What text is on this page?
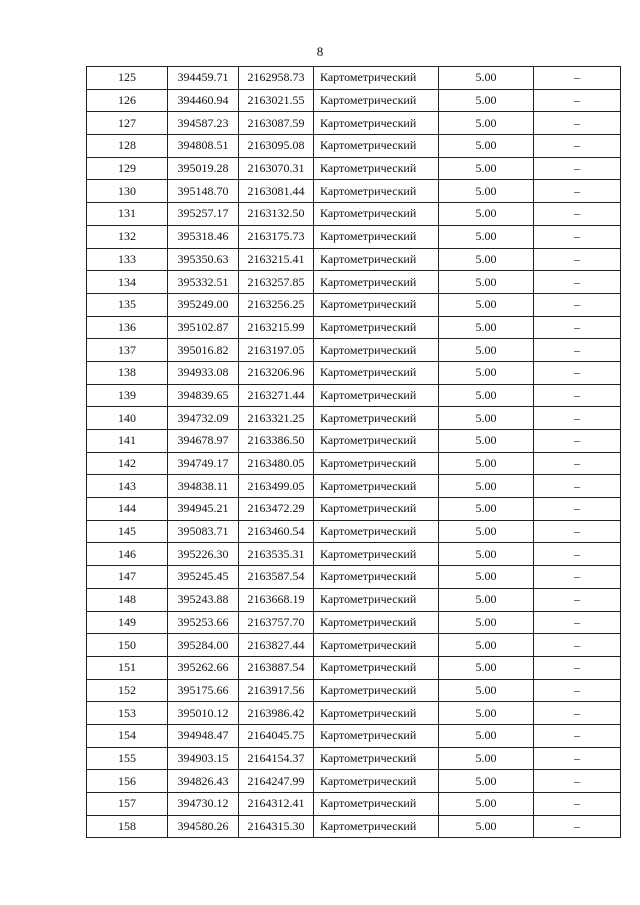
8
125	394459.71	2162958.73	Картометрический	5.00	–
126	394460.94	2163021.55	Картометрический	5.00	–
127	394587.23	2163087.59	Картометрический	5.00	–
128	394808.51	2163095.08	Картометрический	5.00	–
129	395019.28	2163070.31	Картометрический	5.00	–
130	395148.70	2163081.44	Картометрический	5.00	–
131	395257.17	2163132.50	Картометрический	5.00	–
132	395318.46	2163175.73	Картометрический	5.00	–
133	395350.63	2163215.41	Картометрический	5.00	–
134	395332.51	2163257.85	Картометрический	5.00	–
135	395249.00	2163256.25	Картометрический	5.00	–
136	395102.87	2163215.99	Картометрический	5.00	–
137	395016.82	2163197.05	Картометрический	5.00	–
138	394933.08	2163206.96	Картометрический	5.00	–
139	394839.65	2163271.44	Картометрический	5.00	–
140	394732.09	2163321.25	Картометрический	5.00	–
141	394678.97	2163386.50	Картометрический	5.00	–
142	394749.17	2163480.05	Картометрический	5.00	–
143	394838.11	2163499.05	Картометрический	5.00	–
144	394945.21	2163472.29	Картометрический	5.00	–
145	395083.71	2163460.54	Картометрический	5.00	–
146	395226.30	2163535.31	Картометрический	5.00	–
147	395245.45	2163587.54	Картометрический	5.00	–
148	395243.88	2163668.19	Картометрический	5.00	–
149	395253.66	2163757.70	Картометрический	5.00	–
150	395284.00	2163827.44	Картометрический	5.00	–
151	395262.66	2163887.54	Картометрический	5.00	–
152	395175.66	2163917.56	Картометрический	5.00	–
153	395010.12	2163986.42	Картометрический	5.00	–
154	394948.47	2164045.75	Картометрический	5.00	–
155	394903.15	2164154.37	Картометрический	5.00	–
156	394826.43	2164247.99	Картометрический	5.00	–
157	394730.12	2164312.41	Картометрический	5.00	–
158	394580.26	2164315.30	Картометрический	5.00	–
